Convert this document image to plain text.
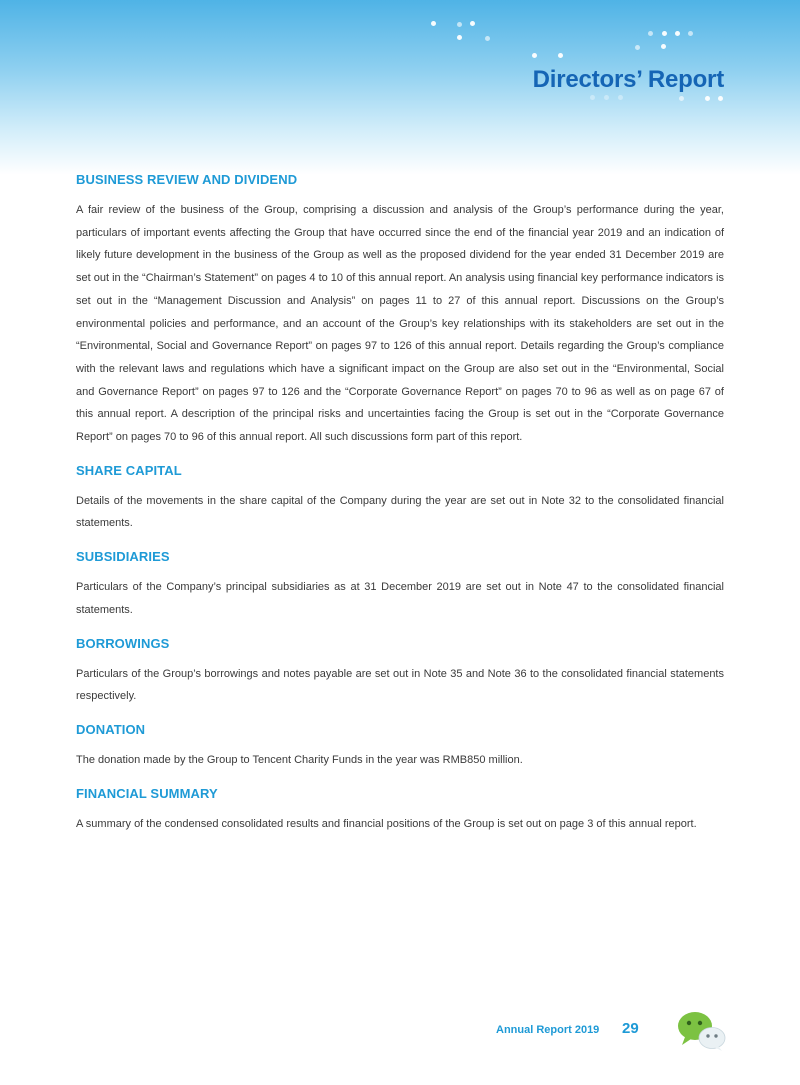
Directors’ Report
BUSINESS REVIEW AND DIVIDEND

A fair review of the business of the Group, comprising a discussion and analysis of the Group’s performance during the year, particulars of important events affecting the Group that have occurred since the end of the financial year 2019 and an indication of likely future development in the business of the Group as well as the proposed dividend for the year ended 31 December 2019 are set out in the “Chairman’s Statement” on pages 4 to 10 of this annual report. An analysis using financial key performance indicators is set out in the “Management Discussion and Analysis” on pages 11 to 27 of this annual report. Discussions on the Group’s environmental policies and performance, and an account of the Group’s key relationships with its stakeholders are set out in the “Environmental, Social and Governance Report” on pages 97 to 126 of this annual report. Details regarding the Group’s compliance with the relevant laws and regulations which have a significant impact on the Group are also set out in the “Environmental, Social and Governance Report” on pages 97 to 126 and the “Corporate Governance Report” on pages 70 to 96 as well as on page 67 of this annual report. A description of the principal risks and uncertainties facing the Group is set out in the “Corporate Governance Report” on pages 70 to 96 of this annual report. All such discussions form part of this report.

SHARE CAPITAL

Details of the movements in the share capital of the Company during the year are set out in Note 32 to the consolidated financial statements.

SUBSIDIARIES

Particulars of the Company’s principal subsidiaries as at 31 December 2019 are set out in Note 47 to the consolidated financial statements.

BORROWINGS

Particulars of the Group’s borrowings and notes payable are set out in Note 35 and Note 36 to the consolidated financial statements respectively.

DONATION

The donation made by the Group to Tencent Charity Funds in the year was RMB850 million.

FINANCIAL SUMMARY

A summary of the condensed consolidated results and financial positions of the Group is set out on page 3 of this annual report.

Annual Report 2019 29
